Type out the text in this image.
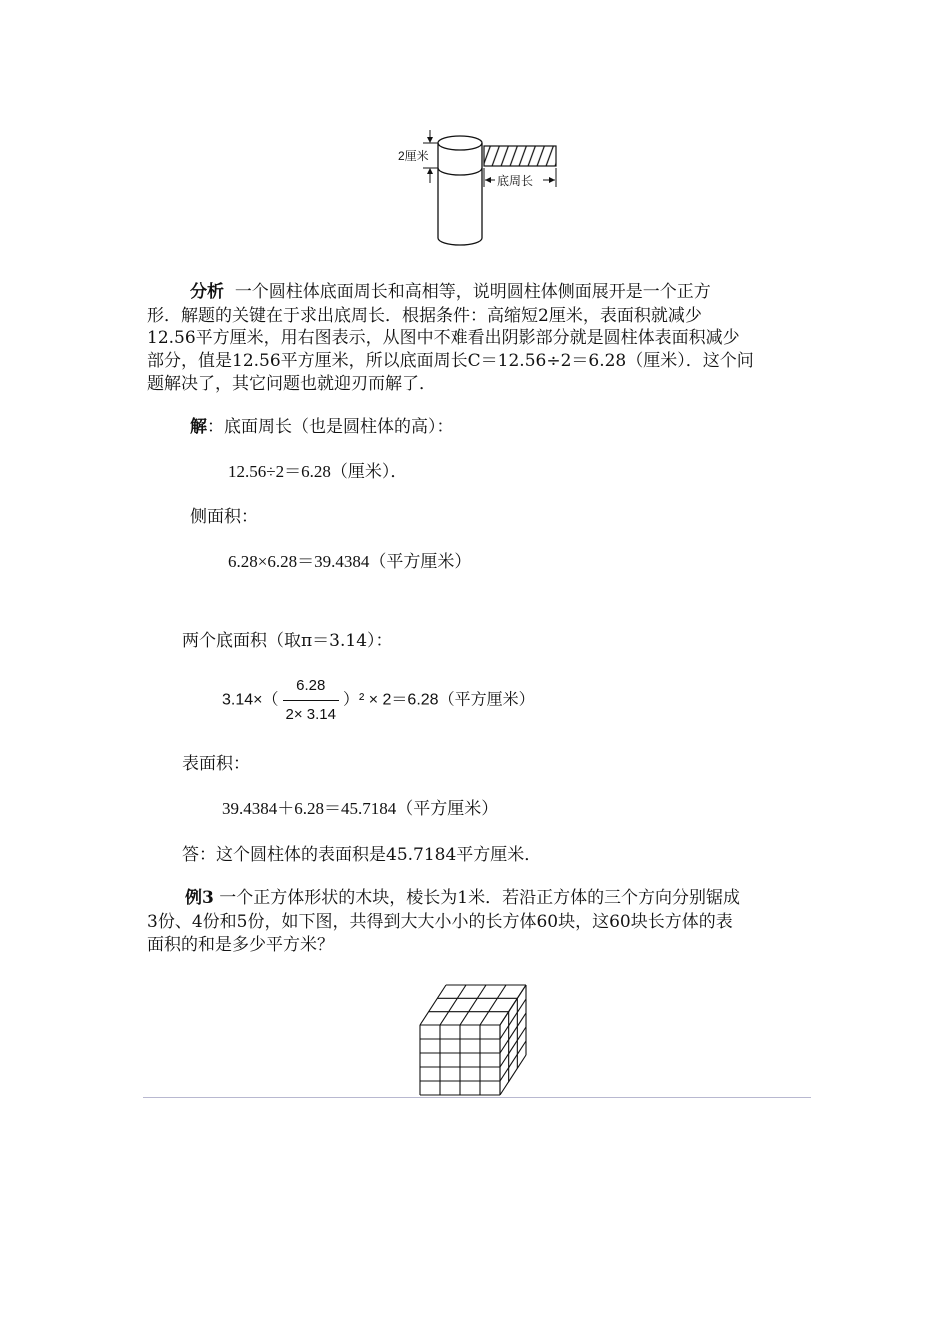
2厘米
底周长
分析 一个圆柱体底面周长和高相等，说明圆柱体侧面展开是一个正方
形．解题的关键在于求出底周长．根据条件：高缩短2厘米，表面积就减少
12.56平方厘米，用右图表示，从图中不难看出阴影部分就是圆柱体表面积减少
部分，值是12.56平方厘米，所以底面周长C＝12.56÷2＝6.28（厘米）．这个问
题解决了，其它问题也就迎刃而解了．
解：底面周长（也是圆柱体的高）：
12.56÷2＝6.28（厘米）．
侧面积：
6.28×6.28＝39.4384（平方厘米）
两个底面积（取π＝3.14）：
$3.14\times( \frac{6.28}{2\times 3.14} )^2 \times 2=6.28$（平方厘米）
表面积：
39.4384＋6.28＝45.7184（平方厘米）
答：这个圆柱体的表面积是45.7184平方厘米．
例3 一个正方体形状的木块，棱长为1米．若沿正方体的三个方向分别锯成
3份、4份和5份，如下图，共得到大大小小的长方体60块，这60块长方体的表
面积的和是多少平方米？
